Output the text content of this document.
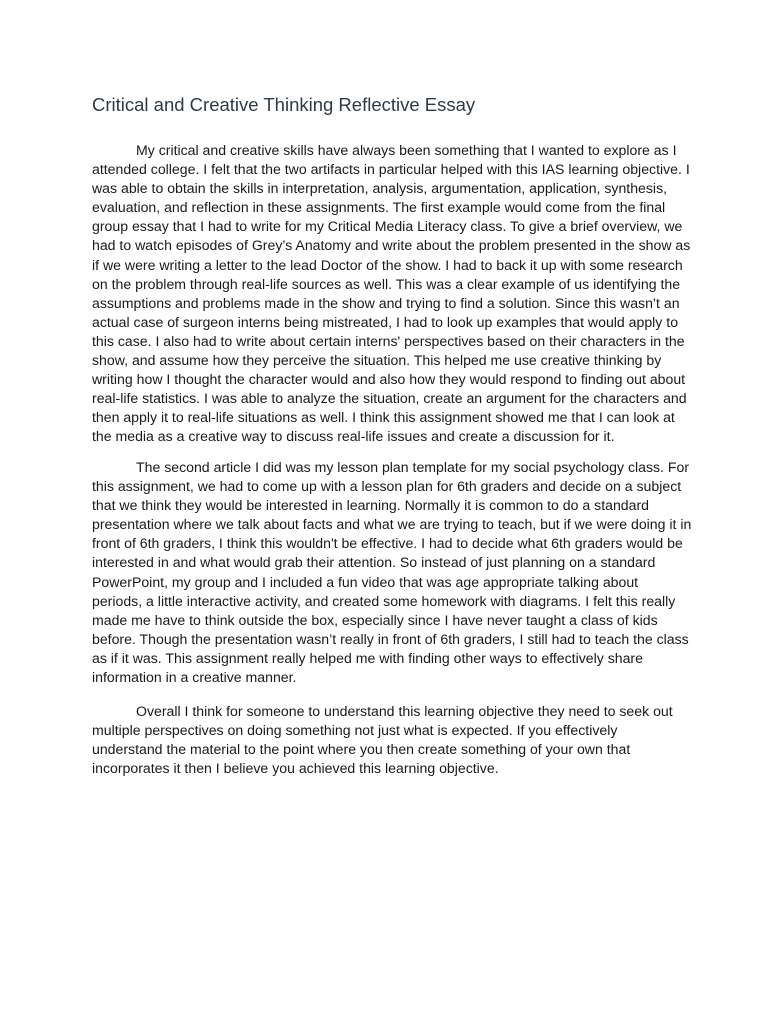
Critical and Creative Thinking Reflective Essay

My critical and creative skills have always been something that I wanted to explore as I
attended college. I felt that the two artifacts in particular helped with this IAS learning objective. I
was able to obtain the skills in interpretation, analysis, argumentation, application, synthesis,
evaluation, and reflection in these assignments. The first example would come from the final
group essay that I had to write for my Critical Media Literacy class. To give a brief overview, we
had to watch episodes of Grey’s Anatomy and write about the problem presented in the show as
if we were writing a letter to the lead Doctor of the show. I had to back it up with some research
on the problem through real-life sources as well. This was a clear example of us identifying the
assumptions and problems made in the show and trying to find a solution. Since this wasn’t an
actual case of surgeon interns being mistreated, I had to look up examples that would apply to
this case. I also had to write about certain interns' perspectives based on their characters in the
show, and assume how they perceive the situation. This helped me use creative thinking by
writing how I thought the character would and also how they would respond to finding out about
real-life statistics. I was able to analyze the situation, create an argument for the characters and
then apply it to real-life situations as well. I think this assignment showed me that I can look at
the media as a creative way to discuss real-life issues and create a discussion for it.

The second article I did was my lesson plan template for my social psychology class. For
this assignment, we had to come up with a lesson plan for 6th graders and decide on a subject
that we think they would be interested in learning. Normally it is common to do a standard
presentation where we talk about facts and what we are trying to teach, but if we were doing it in
front of 6th graders, I think this wouldn't be effective. I had to decide what 6th graders would be
interested in and what would grab their attention. So instead of just planning on a standard
PowerPoint, my group and I included a fun video that was age appropriate talking about
periods, a little interactive activity, and created some homework with diagrams. I felt this really
made me have to think outside the box, especially since I have never taught a class of kids
before. Though the presentation wasn’t really in front of 6th graders, I still had to teach the class
as if it was. This assignment really helped me with finding other ways to effectively share
information in a creative manner.

Overall I think for someone to understand this learning objective they need to seek out
multiple perspectives on doing something not just what is expected. If you effectively
understand the material to the point where you then create something of your own that
incorporates it then I believe you achieved this learning objective.
